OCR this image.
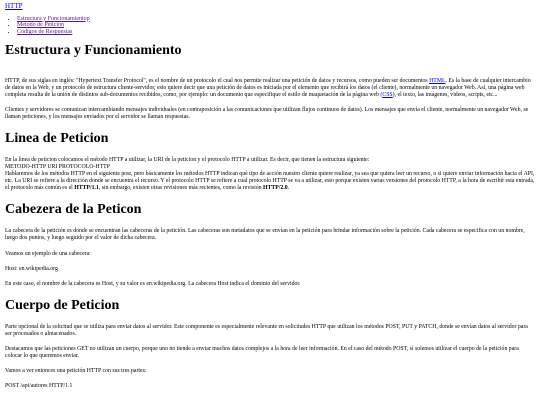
HTTP
• Estructura y Funcionamientop
• Metodo de Peticion
• Codigos de Respuestas
Estructura y Funcionamiento

HTTP, de sus siglas en inglés: "Hypertext Transfer Protocol", es el nombre de un protocolo el cual nos permite realizar una petición de datos y recursos, como pueden ser documentos HTML. Es la base de cualquier intercambio de datos en la Web, y un protocolo de estructura cliente-servidor, esto quiere decir que una petición de datos es iniciada por el elemento que recibirá los datos (el cliente), normalmente un navegador Web. Así, una página web completa resulta de la unión de distintos sub-documentos recibidos, como, por ejemplo: un documento que especifique el estilo de maquetación de la página web (CSS), el texto, las imágenes, videos, scripts, etc...

Clientes y servidores se comunican intercambiando mensajes individuales (en contraposición a las comunicaciones que utilizan flujos continuos de datos). Los mensajes que envía el cliente, normalmente un navegador Web, se llaman peticiones, y los mensajes enviados por el servidor se llaman respuestas.

Linea de Peticion
En la linea de peticion colocamos el método HTTP a utilizar, la URI de la peticion y el protocolo HTTP a utilizar. Es decir, que tienen la estructura siguiente:
METODO-HTTP URI PROTOCOLO-HTTP
Hablaremos de los métodos HTTP en el siguiente post, pero básicamente los métodos HTTP indican qué tipo de acción nuestro cliente quiere realizar, ya sea que quiera leer un recurso, o si quiere enviar información hacia el API, etc. La URI se refiere a la dirección donde se encuentra el recurso. Y el protocolo HTTP se refiere a cual protocolo HTTP se va a utilizar, esto porque existen varias versiones del protocolo HTTP, a la hora de escribir esta entrada, el protocolo más común es el HTTP/1.1, sin embargo, existen otras revisiones más recientes, como la revisión HTTP/2.0.
Cabezera de la Peticon

La cabecera de la petición es donde se encuentran las cabeceras de la petición. Las cabeceras son metadatos que se envían en la petición para brindar información sobre la petición. Cada cabecera se especifica con un nombre, luego dos puntos, y luego seguido por el valor de dicha cabecera.

Veamos un ejemplo de una cabecera:

Host: en.wikipedia.org

En este caso, el nombre de la cabecera es Host, y su valor es en.wikipedia.org. La cabecera Host indica el dominio del servidor.

Cuerpo de Peticion

Parte opcional de la solicitud que se utiliza para enviar datos al servidor. Este componente es especialmente relevante en solicitudes HTTP que utilizan los métodos POST, PUT y PATCH, donde se envían datos al servidor para ser procesados o almacenados.

Destacamos que las peticiones GET no utilizan un cuerpo, porque uno no tiende a enviar muchos datos complejos a la hora de leer información. En el caso del método POST, sí solemos utilizar el cuerpo de la petición para colocar lo que queremos enviar.

Vamos a ver entonces una petición HTTP con sus tres partes:

POST /api/autores HTTP/1.1
